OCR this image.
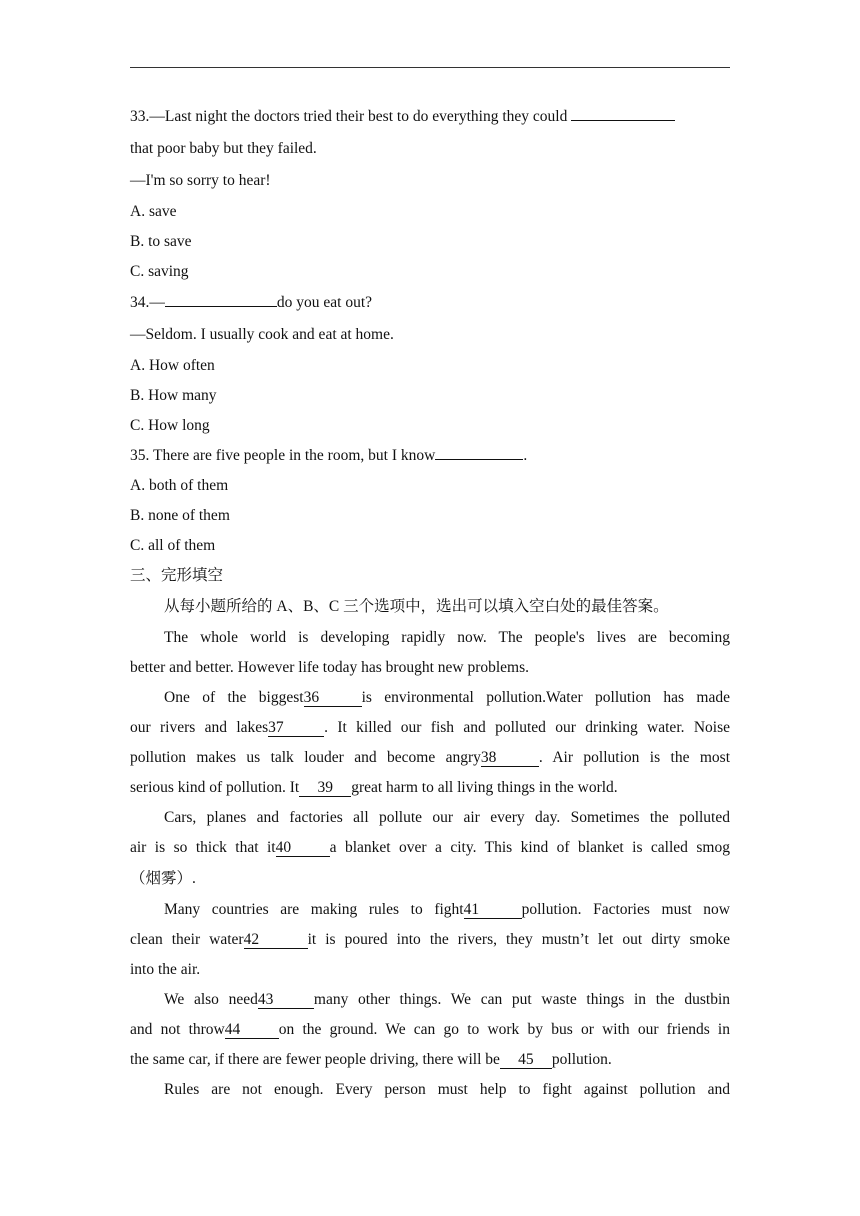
33.—Last night the doctors tried their best to do everything they could
that poor baby but they failed.
—I'm so sorry to hear!
A. save
B. to save
C. saving
34.—	do you eat out?
—Seldom. I usually cook and eat at home.
A. How often
B. How many
C. How long
35. There are five people in the room, but I know	.
A. both of them
B. none of them
C. all of them
三、完形填空
从每小题所给的 A、B、C 三个选项中，选出可以填入空白处的最佳答案。
The whole world is developing rapidly now. The people's lives are becoming
better and better. However life today has brought new problems.
One of the biggest36	is environmental pollution.Water pollution has made
our rivers and lakes37	. It killed our fish and polluted our drinking water. Noise
pollution makes us talk louder and become angry38	. Air pollution is the most
serious kind of pollution. It 39 great harm to all living things in the world.
Cars, planes and factories all pollute our air every day. Sometimes the polluted
air is so thick that it40 a blanket over a city. This kind of blanket is called smog
（烟雾）.
Many countries are making rules to fight41	pollution. Factories must now
clean their water42	it is poured into the rivers, they mustn’t let out dirty smoke
into the air.
We also need43	many other things. We can put waste things in the dustbin
and not throw44 on the ground. We can go to work by bus or with our friends in
the same car, if there are fewer people driving, there will be 45 pollution.
Rules are not enough. Every person must help to fight against pollution and
